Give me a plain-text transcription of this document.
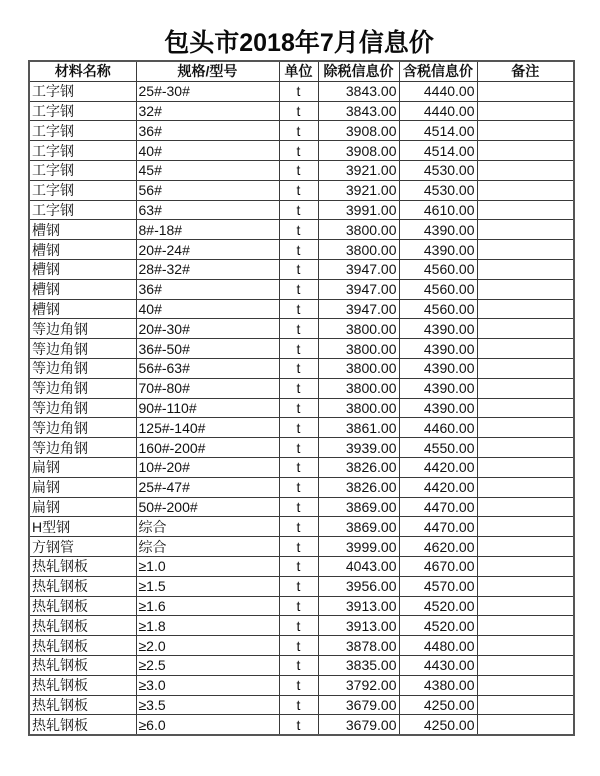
包头市2018年7月信息价
材料名称	规格/型号	单位	除税信息价	含税信息价	备注
工字钢	25#-30#	t	3843.00	4440.00	
工字钢	32#	t	3843.00	4440.00	
工字钢	36#	t	3908.00	4514.00	
工字钢	40#	t	3908.00	4514.00	
工字钢	45#	t	3921.00	4530.00	
工字钢	56#	t	3921.00	4530.00	
工字钢	63#	t	3991.00	4610.00	
槽钢	8#-18#	t	3800.00	4390.00	
槽钢	20#-24#	t	3800.00	4390.00	
槽钢	28#-32#	t	3947.00	4560.00	
槽钢	36#	t	3947.00	4560.00	
槽钢	40#	t	3947.00	4560.00	
等边角钢	20#-30#	t	3800.00	4390.00	
等边角钢	36#-50#	t	3800.00	4390.00	
等边角钢	56#-63#	t	3800.00	4390.00	
等边角钢	70#-80#	t	3800.00	4390.00	
等边角钢	90#-110#	t	3800.00	4390.00	
等边角钢	125#-140#	t	3861.00	4460.00	
等边角钢	160#-200#	t	3939.00	4550.00	
扁钢	10#-20#	t	3826.00	4420.00	
扁钢	25#-47#	t	3826.00	4420.00	
扁钢	50#-200#	t	3869.00	4470.00	
H型钢	综合	t	3869.00	4470.00	
方钢管	综合	t	3999.00	4620.00	
热轧钢板	≥1.0	t	4043.00	4670.00	
热轧钢板	≥1.5	t	3956.00	4570.00	
热轧钢板	≥1.6	t	3913.00	4520.00	
热轧钢板	≥1.8	t	3913.00	4520.00	
热轧钢板	≥2.0	t	3878.00	4480.00	
热轧钢板	≥2.5	t	3835.00	4430.00	
热轧钢板	≥3.0	t	3792.00	4380.00	
热轧钢板	≥3.5	t	3679.00	4250.00	
热轧钢板	≥6.0	t	3679.00	4250.00	
